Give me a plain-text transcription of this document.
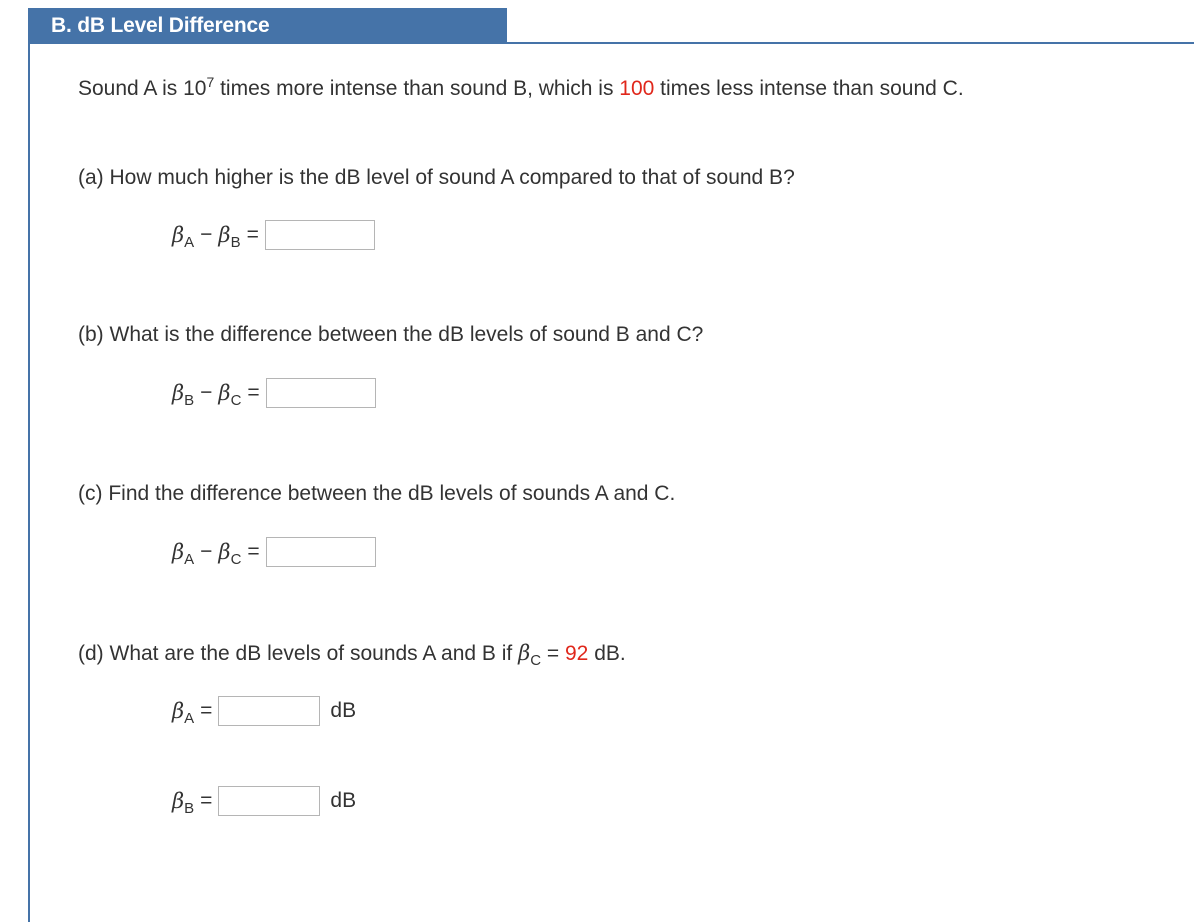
B. dB Level Difference
Sound A is $10^7$ times more intense than sound B, which is 100 times less intense than sound C.
(a) How much higher is the dB level of sound A compared to that of sound B?
$\beta_A - \beta_B$ =
(b) What is the difference between the dB levels of sound B and C?
$\beta_B - \beta_C$ =
(c) Find the difference between the dB levels of sounds A and C.
$\beta_A - \beta_C$ =
(d) What are the dB levels of sounds A and B if $\beta_C = 92$ dB.
$\beta_A$ =	dB
$\beta_B$ =	dB
